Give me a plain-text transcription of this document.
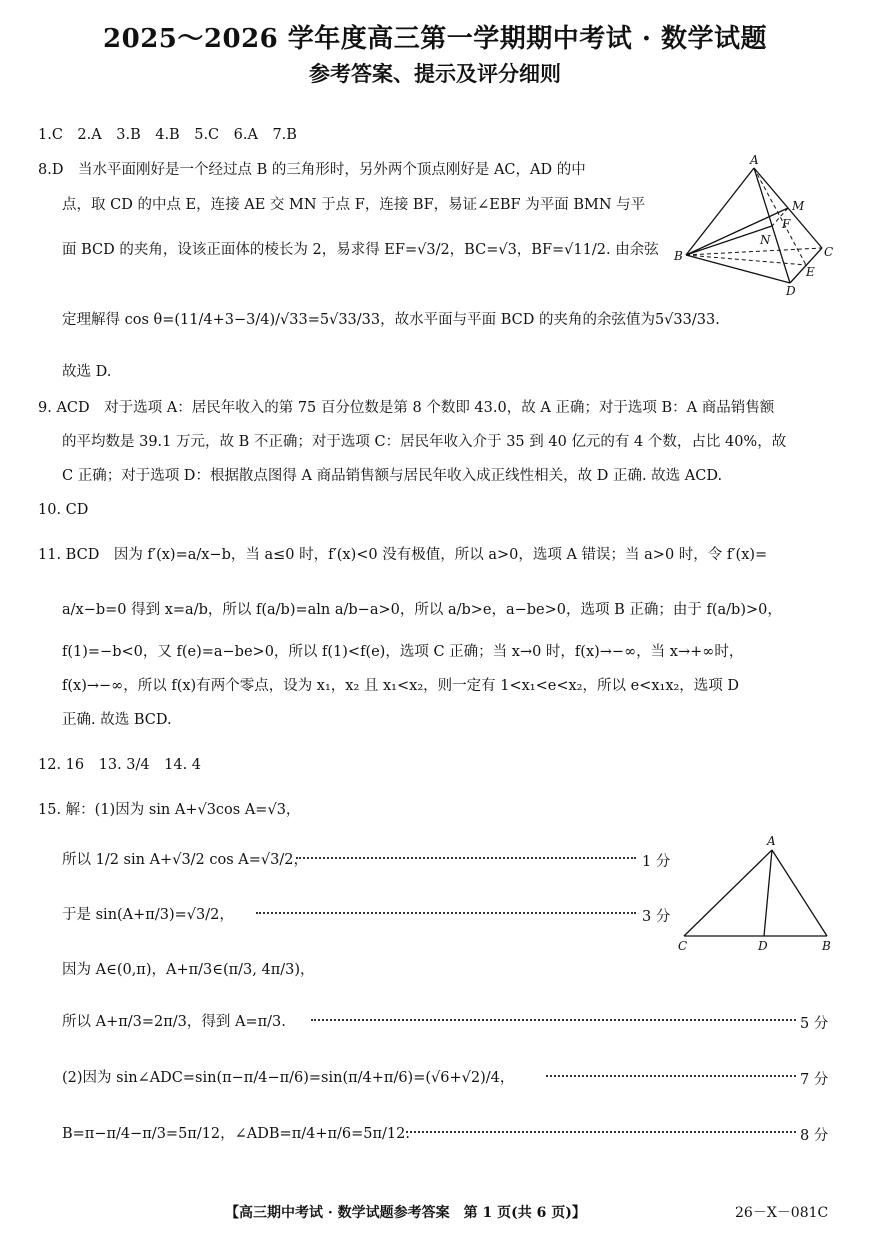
2025～2026 学年度高三第一学期期中考试 · 数学试题
参考答案、提示及评分细则
1.C　2.A　3.B　4.B　5.C　6.A　7.B
8.D　当水平面刚好是一个经过点 B 的三角形时，另外两个顶点刚好是 AC，AD 的中
点，取 CD 的中点 E，连接 AE 交 MN 于点 F，连接 BF，易证∠EBF 为平面 BMN 与平
面 BCD 的夹角，设该正面体的棱长为 2，易求得 EF=√3/2，BC=√3，BF=√11/2. 由余弦
定理解得 cos θ=(11/4+3−3/4)/√33=5√33/33，故水平面与平面 BCD 的夹角的余弦值为5√33/33.
故选 D.
A
B	C
D
E
F
M
N
9. ACD　对于选项 A：居民年收入的第 75 百分位数是第 8 个数即 43.0，故 A 正确；对于选项 B：A 商品销售额
的平均数是 39.1 万元，故 B 不正确；对于选项 C：居民年收入介于 35 到 40 亿元的有 4 个数，占比 40%，故
C 正确；对于选项 D：根据散点图得 A 商品销售额与居民年收入成正线性相关，故 D 正确. 故选 ACD.
10. CD
11. BCD　因为 f′(x)=a/x−b，当 a≤0 时，f′(x)<0 没有极值，所以 a>0，选项 A 错误；当 a>0 时，令 f′(x)=
a/x−b=0 得到 x=a/b，所以 f(a/b)=aln a/b−a>0，所以 a/b>e，a−be>0，选项 B 正确；由于 f(a/b)>0，
f(1)=−b<0，又 f(e)=a−be>0，所以 f(1)<f(e)，选项 C 正确；当 x→0 时，f(x)→−∞，当 x→+∞时，
f(x)→−∞，所以 f(x)有两个零点，设为 x₁，x₂ 且 x₁<x₂，则一定有 1<x₁<e<x₂，所以 e<x₁x₂，选项 D
正确. 故选 BCD.
12. 16　13. 3/4　14. 4
15. 解：(1)因为 sin A+√3cos A=√3，
所以 1/2 sin A+√3/2 cos A=√3/2，	1 分
于是 sin(A+π/3)=√3/2，	3 分
A
C	D	B
因为 A∈(0,π)，A+π/3∈(π/3, 4π/3)，
所以 A+π/3=2π/3，得到 A=π/3.	5 分
(2)因为 sin∠ADC=sin(π−π/4−π/6)=sin(π/4+π/6)=(√6+√2)/4，	7 分
B=π−π/4−π/3=5π/12，∠ADB=π/4+π/6=5π/12.	8 分
【高三期中考试 · 数学试题参考答案　第 1 页(共 6 页)】	26－X－081C
